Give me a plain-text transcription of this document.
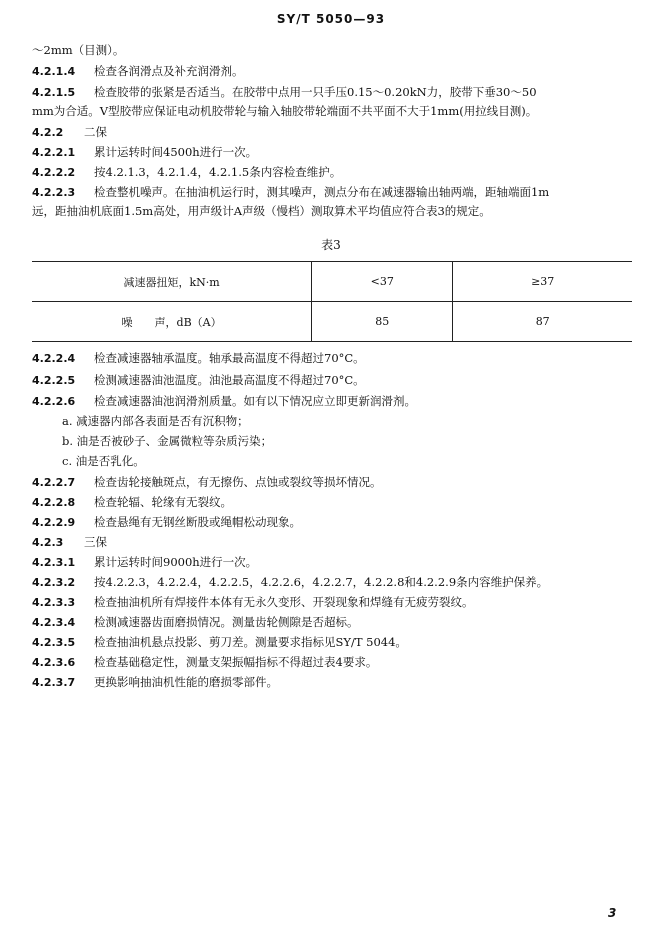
SY/T 5050—93
～2mm（目测）。
4.2.1.4 检查各润滑点及补充润滑剂。
4.2.1.5 检查胶带的张紧是否适当。在胶带中点用一只手压0.15～0.20kN力，胶带下垂30～50
mm为合适。V型胶带应保证电动机胶带轮与输入轴胶带轮端面不共平面不大于1mm(用拉线目测)。
4.2.2 二保
4.2.2.1 累计运转时间4500h进行一次。
4.2.2.2 按4.2.1.3，4.2.1.4，4.2.1.5条内容检查维护。
4.2.2.3 检查整机噪声。在抽油机运行时，测其噪声，测点分布在减速器输出轴两端，距轴端面1m
远，距抽油机底面1.5m高处，用声级计A声级（慢档）测取算术平均值应符合表3的规定。
表3
减速器扭矩，kN·m	<37	≥37
噪　　声，dB（A）	85	87
4.2.2.4 检查减速器轴承温度。轴承最高温度不得超过70°C。
4.2.2.5 检测减速器油池温度。油池最高温度不得超过70°C。
4.2.2.6 检查减速器油池润滑剂质量。如有以下情况应立即更新润滑剂。
a. 减速器内部各表面是否有沉积物；
b. 油是否被砂子、金属微粒等杂质污染；
c. 油是否乳化。
4.2.2.7 检查齿轮接触斑点，有无擦伤、点蚀或裂纹等损坏情况。
4.2.2.8 检查轮辐、轮缘有无裂纹。
4.2.2.9 检查悬绳有无钢丝断股或绳帽松动现象。
4.2.3 三保
4.2.3.1 累计运转时间9000h进行一次。
4.2.3.2 按4.2.2.3，4.2.2.4，4.2.2.5，4.2.2.6，4.2.2.7，4.2.2.8和4.2.2.9条内容维护保养。
4.2.3.3 检查抽油机所有焊接件本体有无永久变形、开裂现象和焊缝有无疲劳裂纹。
4.2.3.4 检测减速器齿面磨损情况。测量齿轮侧隙是否超标。
4.2.3.5 检查抽油机悬点投影、剪刀差。测量要求指标见SY/T 5044。
4.2.3.6 检查基础稳定性，测量支架振幅指标不得超过表4要求。
4.2.3.7 更换影响抽油机性能的磨损零部件。
3
